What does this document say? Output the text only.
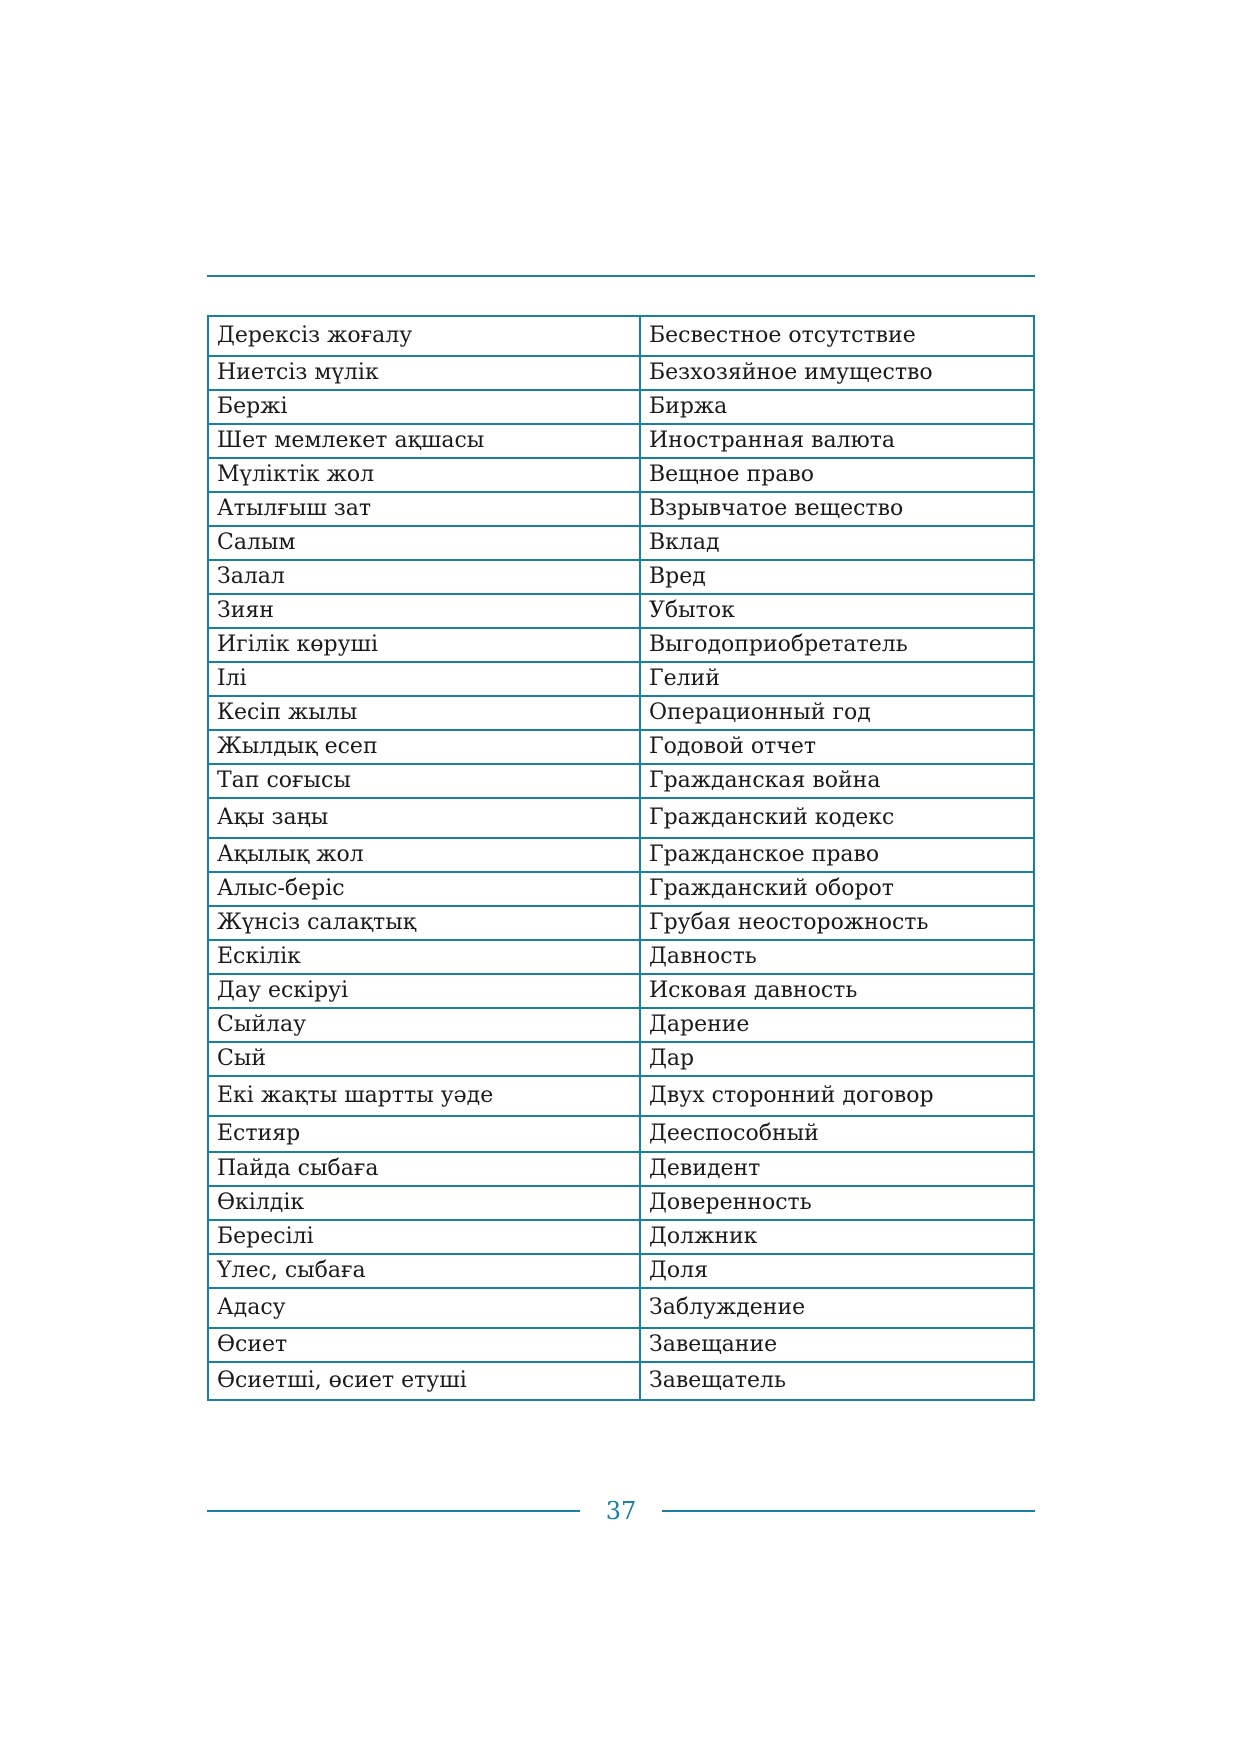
Дерексіз жоғалу	Бесвестное отсутствие
Ниетсіз мүлік	Безхозяйное имущество
Бержі	Биржа
Шет мемлекет ақшасы	Иностранная валюта
Мүліктік жол	Вещное право
Атылғыш зат	Взрывчатое вещество
Салым	Вклад
Залал	Вред
Зиян	Убыток
Игілік көруші	Выгодоприобретатель
Ілі	Гелий
Кесіп жылы	Операционный год
Жылдық есеп	Годовой отчет
Тап соғысы	Гражданская война
Ақы заңы	Гражданский кодекс
Ақылық жол	Гражданское право
Алыс-беріс	Гражданский оборот
Жүнсіз салақтық	Грубая неосторожность
Ескілік	Давность
Дау ескіруі	Исковая давность
Сыйлау	Дарение
Сый	Дар
Екі жақты шартты уәде	Двух сторонний договор
Естияр	Дееспособный
Пайда сыбаға	Девидент
Өкілдік	Доверенность
Бересілі	Должник
Үлес, сыбаға	Доля
Адасу	Заблуждение
Өсиет	Завещание
Өсиетші, өсиет етуші	Завещатель
37
